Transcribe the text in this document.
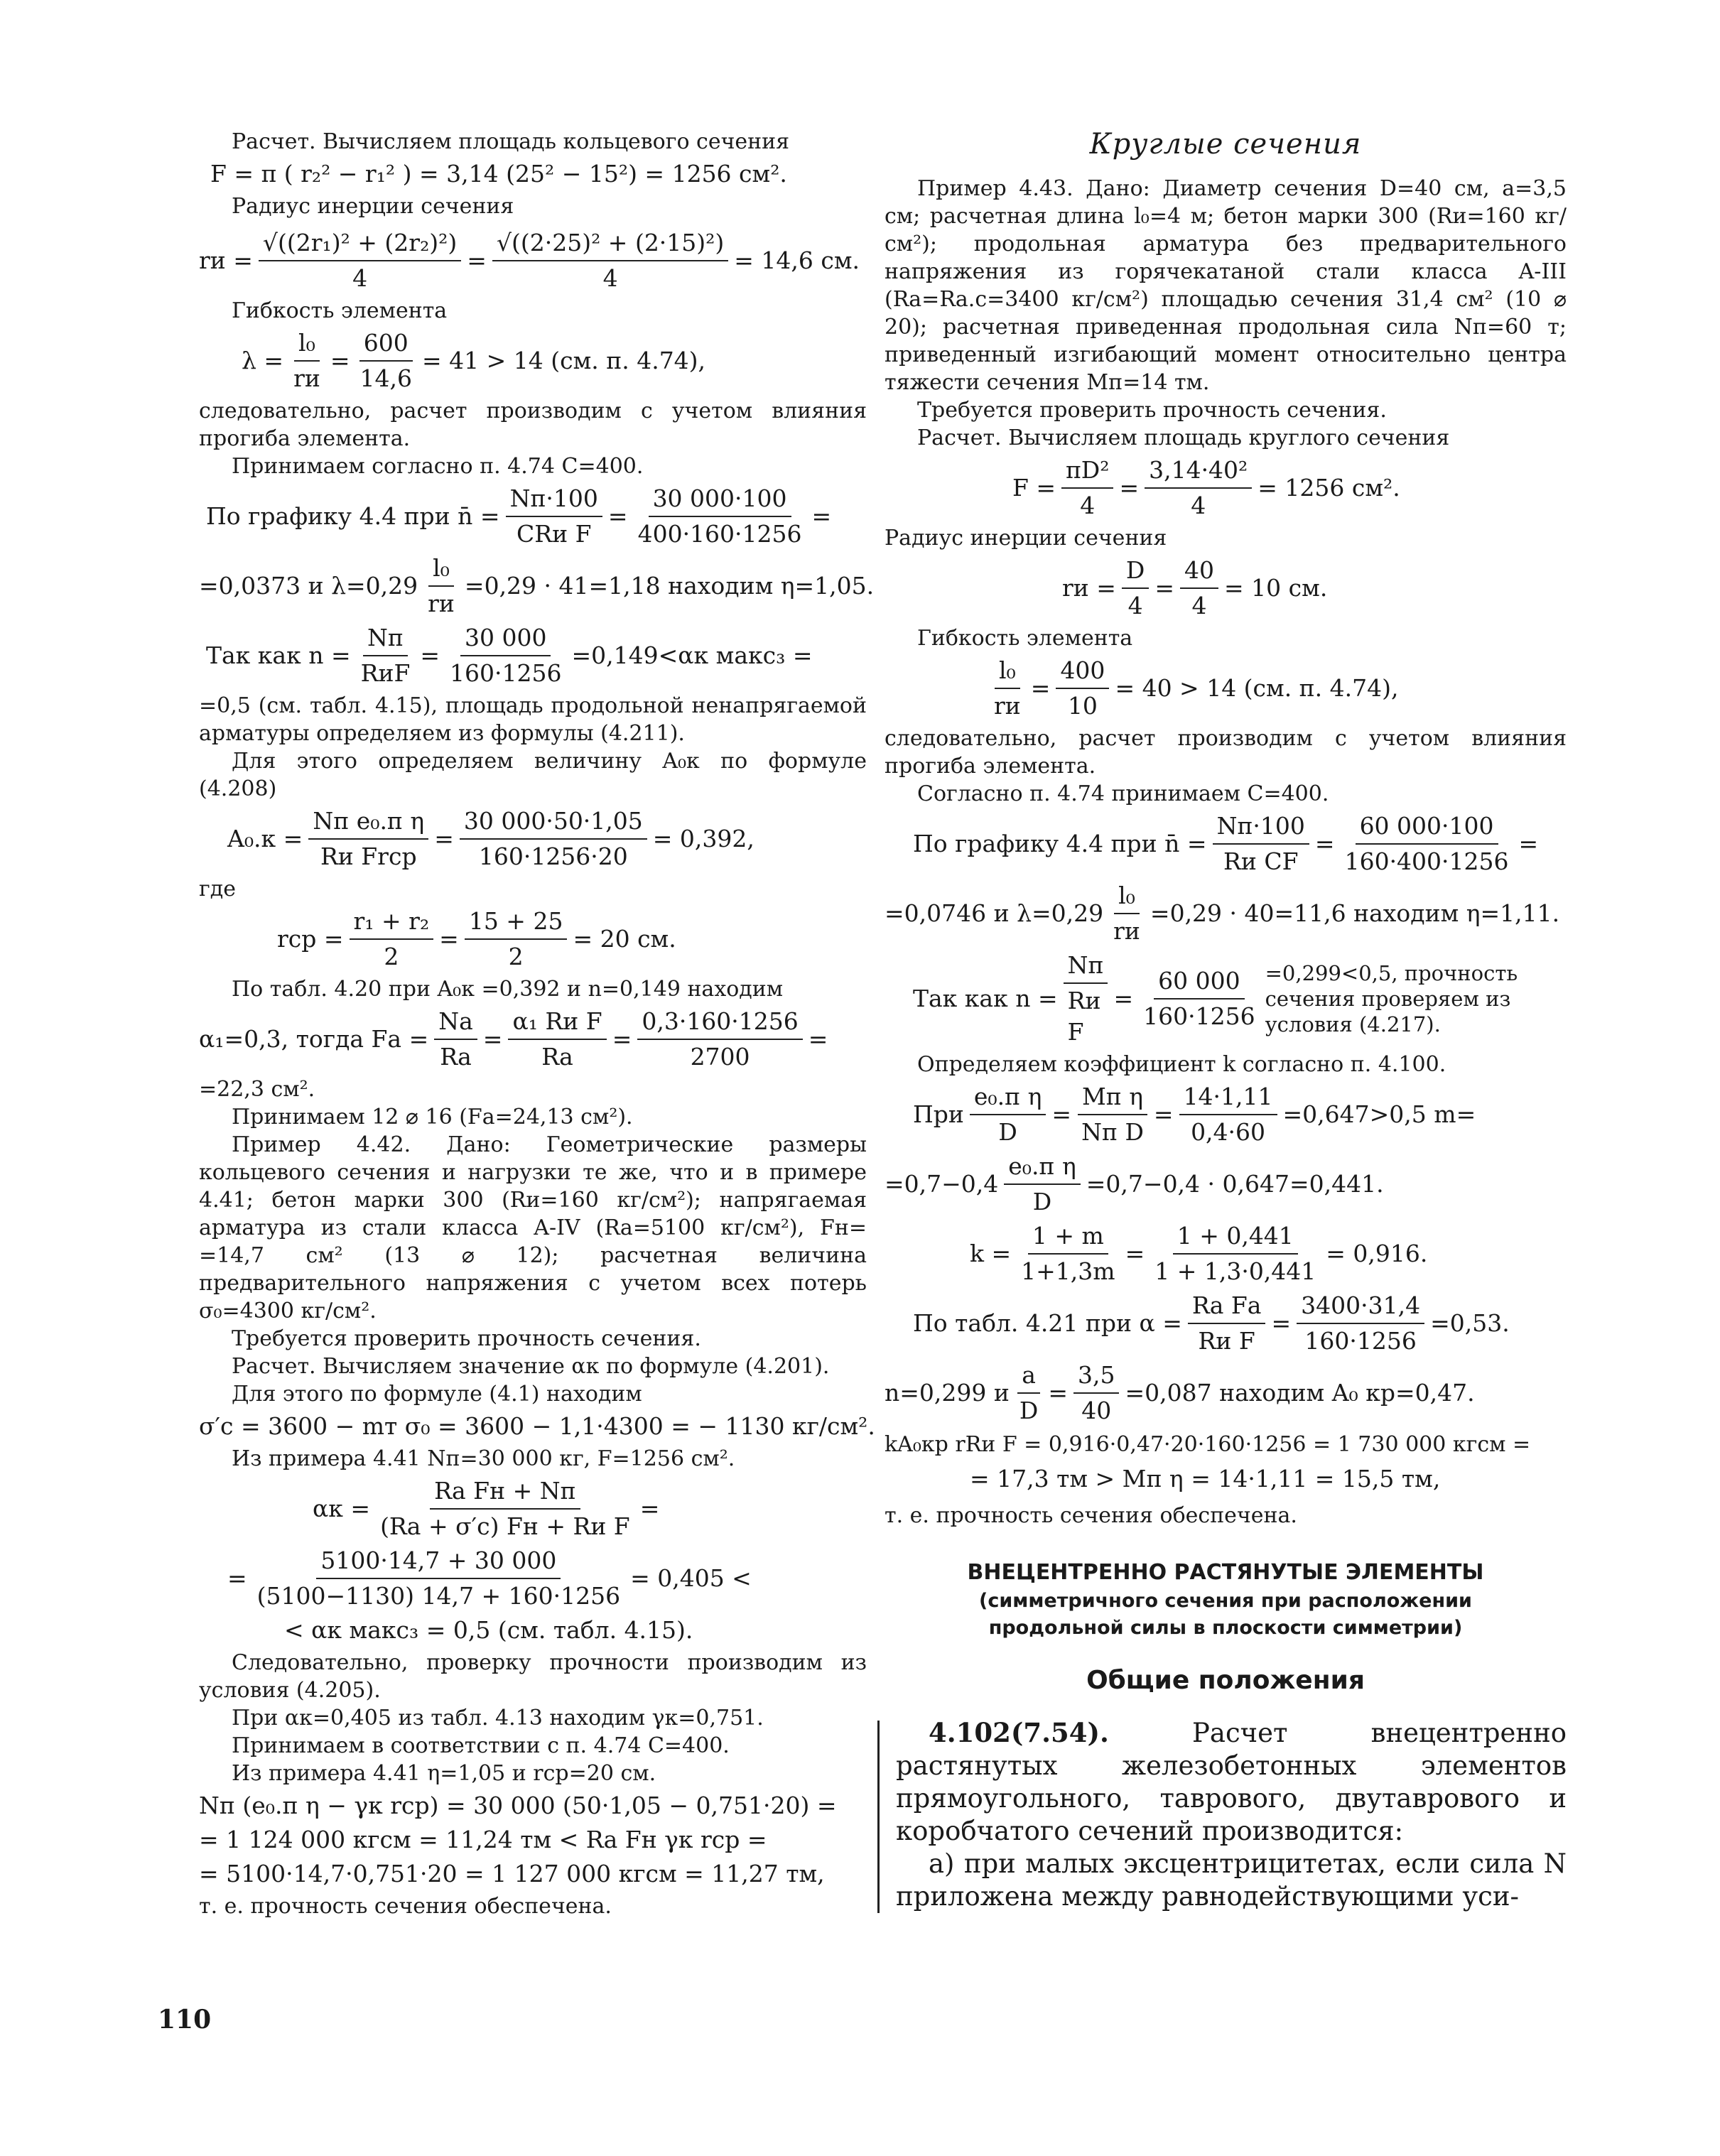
Расчет. Вычисляем площадь кольцевого сечения

F = π ( r₂² − r₁² ) = 3,14 (25² − 15²) = 1256 см².

Радиус инерции сечения

rи = $\frac{\text{√((2r₁)² + (2r₂)²)}}{4} = \frac{\text{√((2·25)² + (2·15)²)}}{4} = 14,6$ см.

Гибкость элемента

$\lambda = \frac{\text{l₀}}{rи} = \frac{600}{14,6} = 41 > 14$ (см. п. 4.74),

следовательно, расчет производим с учетом влияния прогиба элемента.

Принимаем согласно п. 4.74 C=400.

По графику 4.4 при n̄ = $\frac{Nп\cdot 100}{\text{CRи F}} = \frac{30 000\cdot 100}{400\cdot 160\cdot 1256}$ =
=0,0373 и $\lambda=0,29 \frac{\text{l₀}}{rи} =0,29 \cdot 41=1,18$ находим η=1,05.
Так как $n = \frac{Nп}{\text{RиF}} = \frac{30 000}{160\cdot 1256} =0,149<\alpha к$ макс₃ =

=0,5 (см. табл. 4.15), площадь продольной ненапрягаемой арматуры определяем из формулы (4.211).

Для этого определяем величину A₀к по формуле (4.208)

$A_0.к = \frac{\text{Nп e₀.п η}}{\text{Rи Frср}} = \frac{30 000\cdot 50\cdot 1,05}{160\cdot 1256\cdot 20} = 0,392$,

где

rср = $\frac{\text{r₁ + r₂}}{2} = \frac{15 + 25}{2} = 20$ см.

По табл. 4.20 при A₀к =0,392 и n=0,149 находим

α₁=0,3, тогда Fа = $\frac{Nа}{Rа} = \frac{\text{α₁ Rи F}}{Rа} = \frac{0,3\cdot 160\cdot 1256}{2700}$ =

=22,3 см².

Принимаем 12 ⌀ 16 (Fа=24,13 см²).

Пример 4.42. Дано: Геометрические размеры кольцевого сечения и нагрузки те же, что и в примере 4.41; бетон марки 300 (Rи=160 кг/см²); напрягаемая арматура из стали класса A-IV (Rа=5100 кг/см²), Fн= =14,7 см² (13 ⌀ 12); расчетная величина предварительного напряжения с учетом всех потерь σ₀=4300 кг/см².

Требуется проверить прочность сечения.

Расчет. Вычисляем значение αк по формуле (4.201).

Для этого по формуле (4.1) находим

σ′с = 3600 − mт σ₀ = 3600 − 1,1·4300 = − 1130 кг/см².

Из примера 4.41 Nп=30 000 кг, F=1256 см².

$\alpha к = \frac{\text{Rа Fн + Nп}}{\text{(Rа + σ′с) Fн + Rи F}}$ =
= $\frac{5100\cdot 14,7 + 30 000}{(5100-1130) 14,7 + 160\cdot 1256} = 0,405$ <
< αк макс₃ = 0,5 (см. табл. 4.15).

Следовательно, проверку прочности производим из условия (4.205).

При αк=0,405 из табл. 4.13 находим γк=0,751.

Принимаем в соответствии с п. 4.74 C=400.

Из примера 4.41 η=1,05 и rср=20 см.

Nп (e₀.п η − γк rср) = 30 000 (50·1,05 − 0,751·20) =
= 1 124 000 кгсм = 11,24 тм < Rа Fн γк rср =
= 5100·14,7·0,751·20 = 1 127 000 кгсм = 11,27 тм,

т. е. прочность сечения обеспечена.

Круглые сечения

Пример 4.43. Дано: Диаметр сечения D=40 см, a=3,5 см; расчетная длина l₀=4 м; бетон марки 300 (Rи=160 кг/см²); продольная арматура без предварительного напряжения из горячекатаной стали класса A-III (Rа=Rа.с=3400 кг/см²) площадью сечения 31,4 см² (10 ⌀ 20); расчетная приведенная продольная сила Nп=60 т; приведенный изгибающий момент относительно центра тяжести сечения Mп=14 тм.

Требуется проверить прочность сечения.

Расчет. Вычисляем площадь круглого сечения

$F = \frac{\text{πD²}}{4} = \frac{\text{3,14·40²}}{4} = 1256$ см².

Радиус инерции сечения

rи = $\frac{D}{4} = \frac{40}{4} = 10$ см.

Гибкость элемента

$\frac{\text{l₀}}{rи} = \frac{400}{10} = 40 > 14$ (см. п. 4.74),

следовательно, расчет производим с учетом влияния прогиба элемента.

Согласно п. 4.74 принимаем C=400.

По графику 4.4 при n̄ = $\frac{Nп\cdot 100}{\text{Rи CF}} = \frac{60 000\cdot 100}{160\cdot 400\cdot 1256}$ =
=0,0746 и $\lambda=0,29 \frac{\text{l₀}}{rи} =0,29 \cdot 40=11,6$ находим η=1,11.
Так как $n = \frac{Nп}{\text{Rи F}} = \frac{60 000}{160\cdot 1256} =0,299<0,5$, прочность сечения проверяем из условия (4.217).

Определяем коэффициент k согласно п. 4.100.

При $\frac{\text{e₀.п η}}{D} = \frac{\text{Mп η}}{\text{Nп D}} = \frac{14\cdot 1,11}{0,4\cdot 60} =0,647>0,5$ m=
$=0,7-0,4 \frac{\text{e₀.п η}}{D} =0,7-0,4 \cdot 0,647=0,441$.
$k = \frac{1 + m}{1+1,3m} = \frac{1 + 0,441}{1 + 1,3\cdot 0,441} = 0,916$.
По табл. 4.21 при $\alpha = \frac{\text{Rа Fа}}{\text{Rи F}} = \frac{3400\cdot 31,4}{160\cdot 1256} =0,53$.
n=0,299 и $\frac{a}{D} = \frac{3,5}{40} =0,087$ находим A₀ кр=0,47.
kA₀кр rRи F = 0,916·0,47·20·160·1256 = 1 730 000 кгсм =
= 17,3 тм > Mп η = 14·1,11 = 15,5 тм,

т. е. прочность сечения обеспечена.

ВНЕЦЕНТРЕННО РАСТЯНУТЫЕ ЭЛЕМЕНТЫ

(симметричного сечения при расположении продольной силы в плоскости симметрии)

Общие положения

4.102(7.54).	Расчет внецентренно растянутых железобетонных элементов прямоугольного, таврового, двутаврового и коробчатого сечений производится:

а) при малых эксцентрицитетах, если сила N приложена между равнодействующими уси-

110
